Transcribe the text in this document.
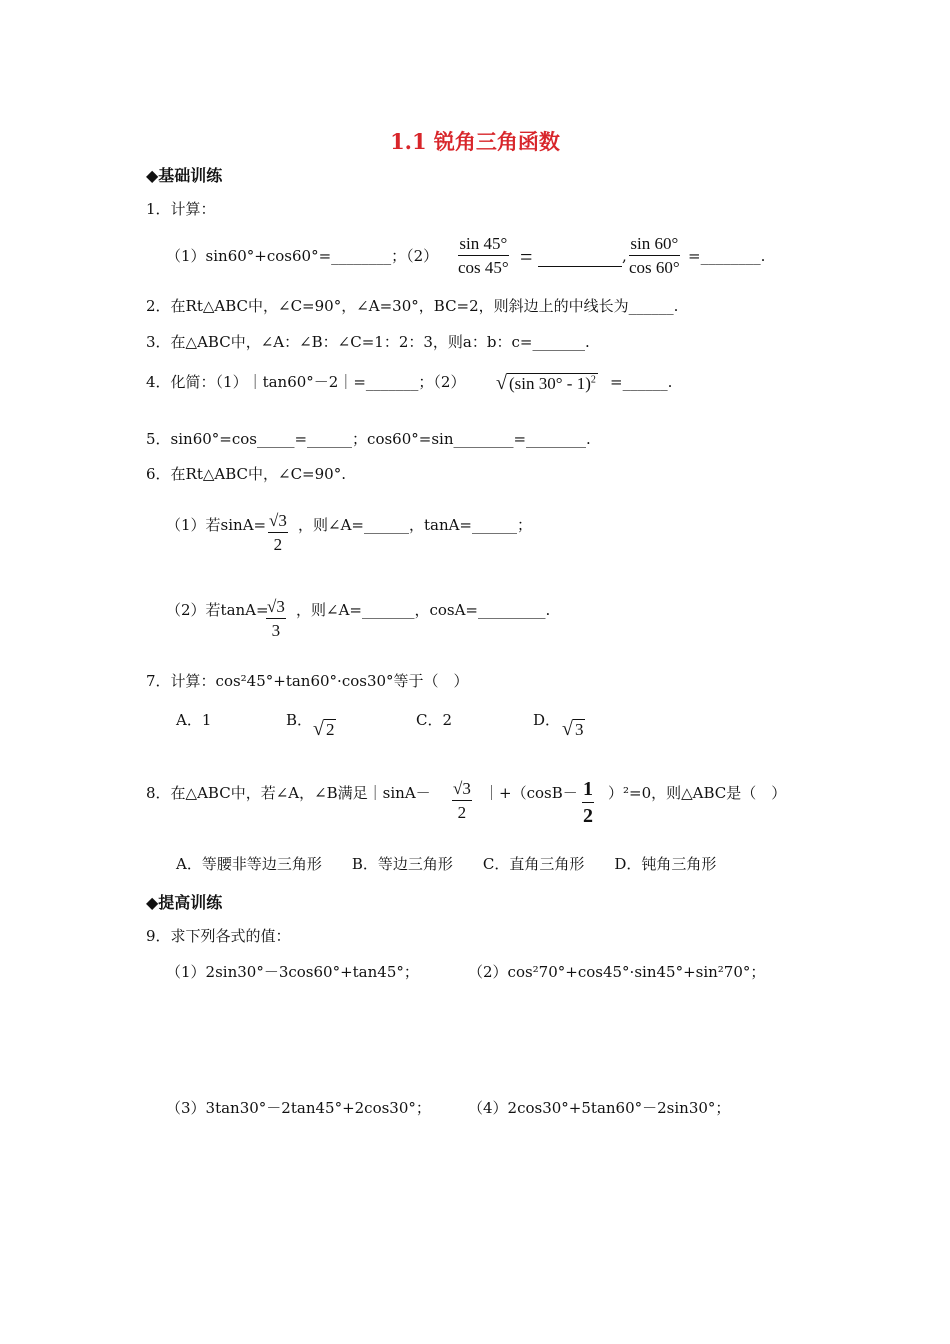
1.1 锐角三角函数
◆基础训练
1．计算：
（1）sin60°+cos60°=________；$(2) \frac{\sin 45^\circ}{\cos 45^\circ}$ =
	, $\frac{\sin 60^\circ}{\cos 60^\circ}$ =________.
2．在Rt△ABC中，∠C=90°，∠A=30°，BC=2，则斜边上的中线长为______.
3．在△ABC中，∠A：∠B：∠C=1：2：3，则a：b：c=_______.
4．化简：（1）｜tan60°－2｜=_______；（2） √ (sin 30° - 1)$^2$ =______.
5．sin60°=cos_____=______；cos60°=sin________=________.
6．在Rt△ABC中，∠C=90°.
（1）若$\sin A= \frac{√3}{2}$ ，则∠A=______，tanA=______；
（2）若tanA=
$\frac{√3}{3}$ ，则∠A=_______，cosA=_________.
7．计算：cos²45°+tan60°·cos30°等于（　）
A．1	B． √ 2	C．2	D． √ 3
8．在△ABC中，若∠A，∠B满足｜sinA－ $\frac{√3}{2}$ ｜+（cosB－ $\frac{1}{2} )^2=0$，则△ABC是（　）
A．等腰非等边三角形　　B．等边三角形　　C．直角三角形　　D．钝角三角形
◆提高训练
9．求下列各式的值：
（1）2sin30°－3cos60°+tan45°；	（2）cos²70°+cos45°·sin45°+sin²70°；
（3）3tan30°－2tan45°+2cos30°； （4）2cos30°+5tan60°－2sin30°；
